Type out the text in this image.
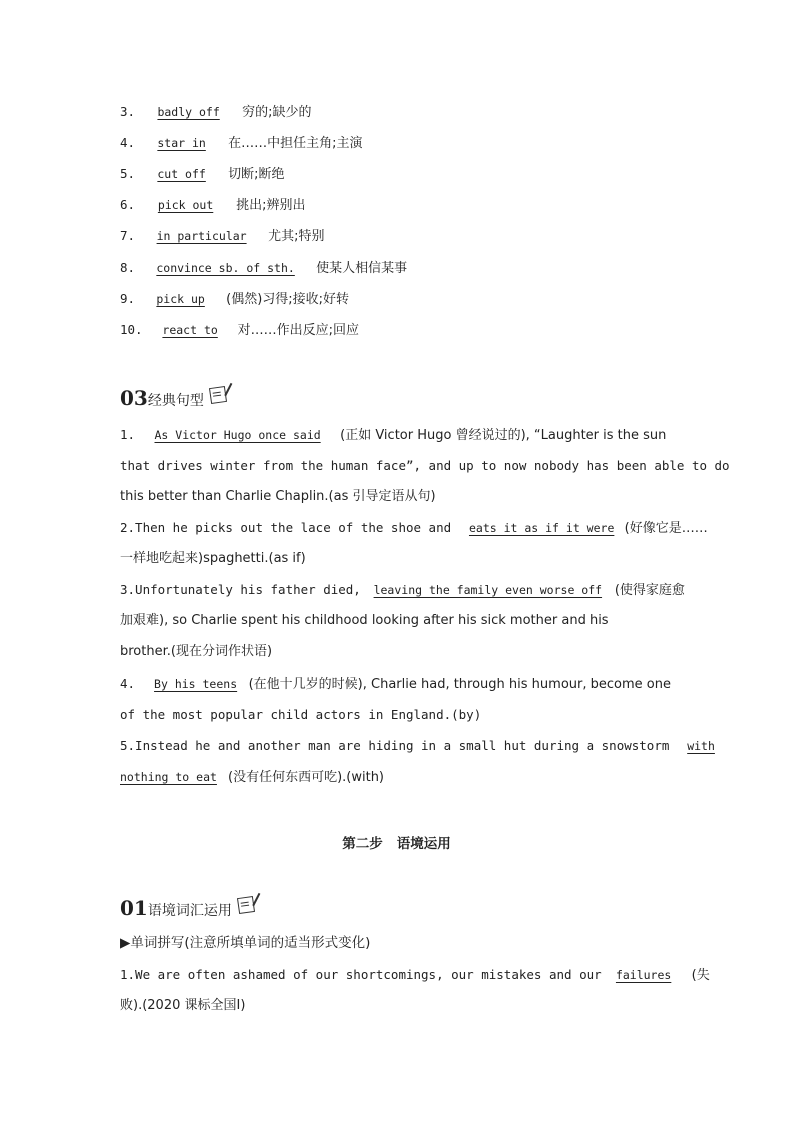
3. badly off 穷的;缺少的
4. star in 在……中担任主角;主演
5. cut off 切断;断绝
6. pick out 挑出;辨别出
7. in particular 尤其;特别
8. convince sb. of sth. 使某人相信某事
9. pick up (偶然)习得;接收;好转
10. react to 对……作出反应;回应
03经典句型
1. As Victor Hugo once said (正如 Victor Hugo 曾经说过的), “Laughter is the sun
that drives winter from the human face”, and up to now nobody has been able to do
this better than Charlie Chaplin.(as 引导定语从句)
2.Then he picks out the lace of the shoe and eats it as if it were (好像它是……
一样地吃起来)spaghetti.(as if)
3.Unfortunately his father died, leaving the family even worse off (使得家庭愈
加艰难), so Charlie spent his childhood looking after his sick mother and his
brother.(现在分词作状语)
4. By his teens (在他十几岁的时候), Charlie had, through his humour, become one
of the most popular child actors in England.(by)
5.Instead he and another man are hiding in a small hut during a snowstorm with
nothing to eat (没有任何东西可吃).(with)
第二步 语境运用
01语境词汇运用
▶单词拼写(注意所填单词的适当形式变化)
1.We are often ashamed of our shortcomings, our mistakes and our failures (失
败).(2020 课标全国Ⅰ)
